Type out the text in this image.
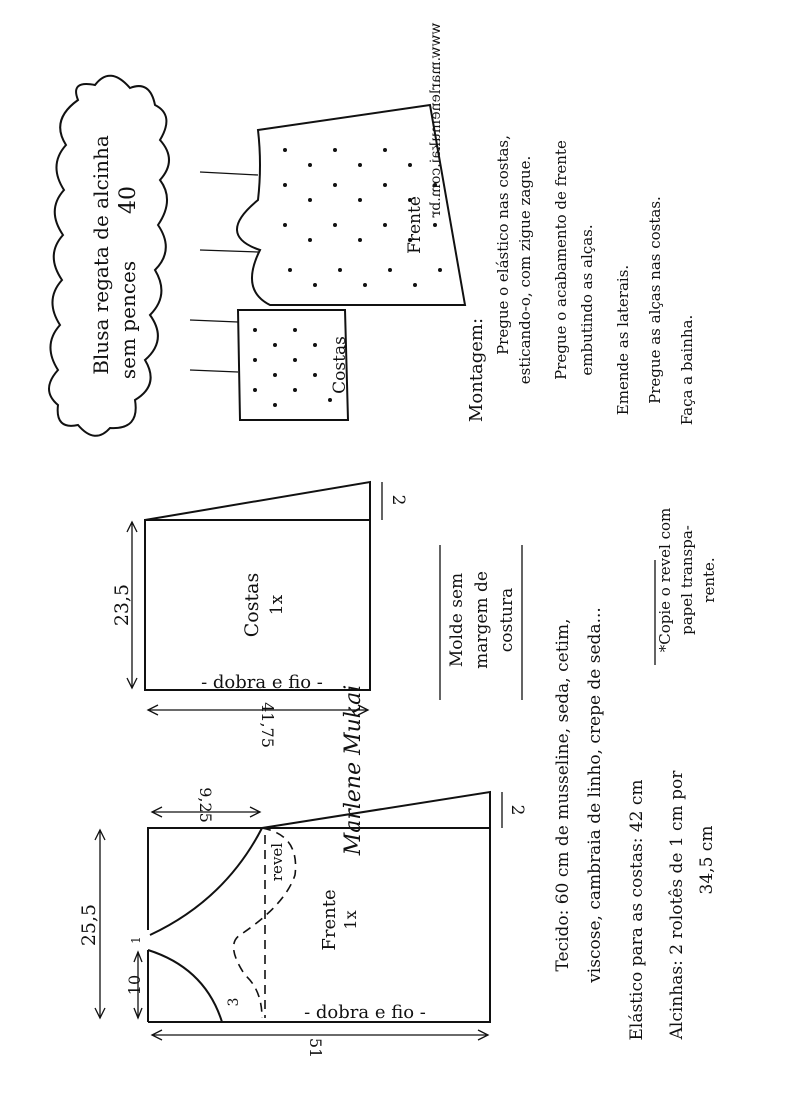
2
23,5
41,75
Costas 1x
- dobra e fio -
revel
25,5
10
1
9,25	2
3
51
Frente 1x
- dobra e fio -
Blusa regata de alcinha sem pences
40
Costas
Frente
www.marlenemukai.com.br
Montagem:
Pregue o elástico nas costas, esticando-o, com zigue zague. Pregue o acabamento de frente embutindo as alças. Emende as laterais. Pregue as alças nas costas. Faça a bainha.
Molde sem margem de costura
Marlene Mukai	Tecido: 60 cm de musseline, seda, cetim, viscose, cambraia de linho, crepe de seda... Elástico para as costas: 42 cm Alcinhas: 2 rolotês de 1 cm por 34,5 cm
*Copie o revel com papel transpa- rente.
